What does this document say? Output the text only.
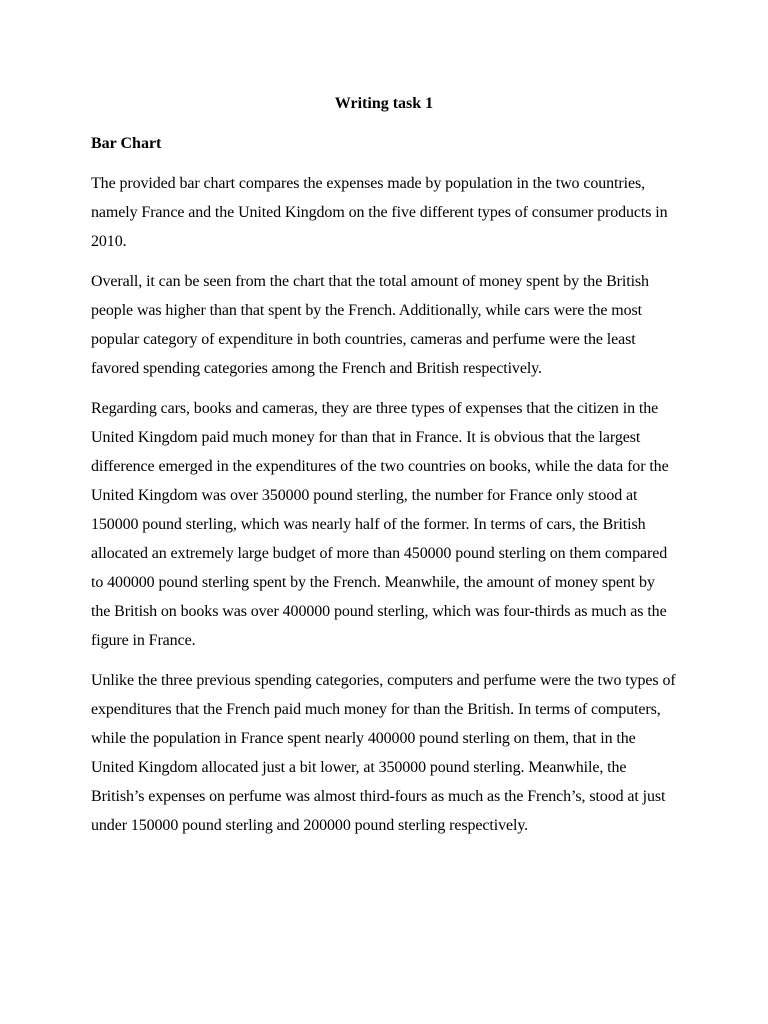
Writing task 1
Bar Chart

The provided bar chart compares the expenses made by population in the two countries, namely France and the United Kingdom on the five different types of consumer products in 2010.

Overall, it can be seen from the chart that the total amount of money spent by the British people was higher than that spent by the French. Additionally, while cars were the most popular category of expenditure in both countries, cameras and perfume were the least favored spending categories among the French and British respectively.

Regarding cars, books and cameras, they are three types of expenses that the citizen in the United Kingdom paid much money for than that in France. It is obvious that the largest difference emerged in the expenditures of the two countries on books, while the data for the United Kingdom was over 350000 pound sterling, the number for France only stood at 150000 pound sterling, which was nearly half of the former. In terms of cars, the British allocated an extremely large budget of more than 450000 pound sterling on them compared to 400000 pound sterling spent by the French. Meanwhile, the amount of money spent by the British on books was over 400000 pound sterling, which was four-thirds as much as the figure in France.

Unlike the three previous spending categories, computers and perfume were the two types of expenditures that the French paid much money for than the British. In terms of computers, while the population in France spent nearly 400000 pound sterling on them, that in the United Kingdom allocated just a bit lower, at 350000 pound sterling. Meanwhile, the British’s expenses on perfume was almost third-fours as much as the French’s, stood at just under 150000 pound sterling and 200000 pound sterling respectively.
